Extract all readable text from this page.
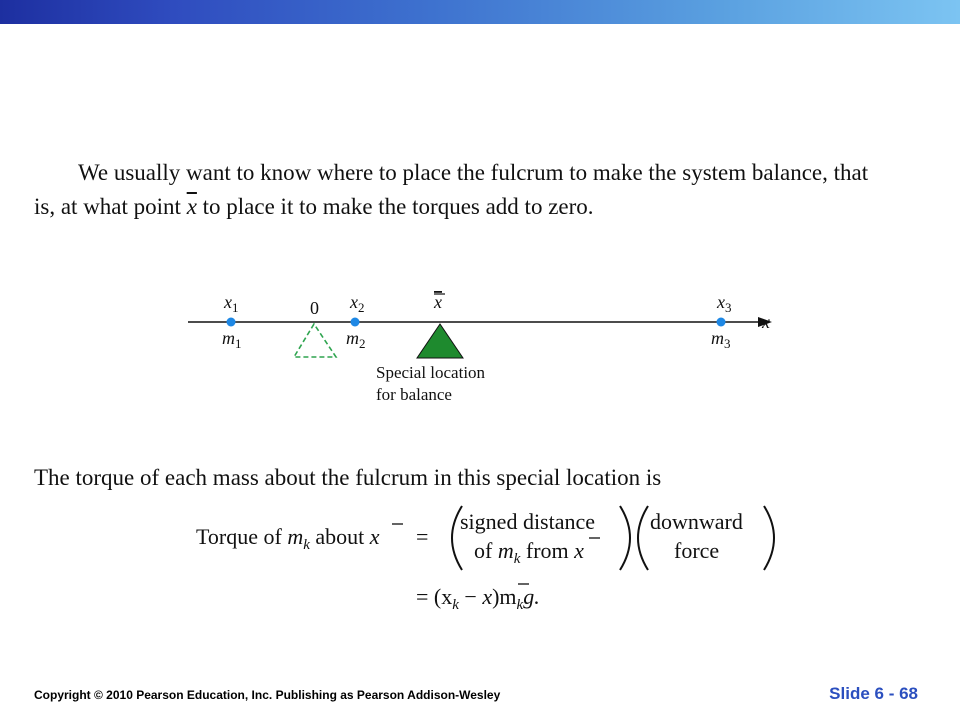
We usually want to know where to place the fulcrum to make the system balance, that
is, at what point $\overline{x}$ to place it to make the torques add to zero.
x
0	x
$x_1$
$m_1$
$x_2$
$m_2$
$x_3$
$m_3$
Special location
for balance
The torque of each mass about the fulcrum in this special location is
Torque of $m_k$ about x =
signed distance
of $m_k$ from x
downward
force
= $(x_k - x)m_kg$.
Copyright © 2010 Pearson Education, Inc. Publishing as Pearson Addison-Wesley	Slide 6 - 68
